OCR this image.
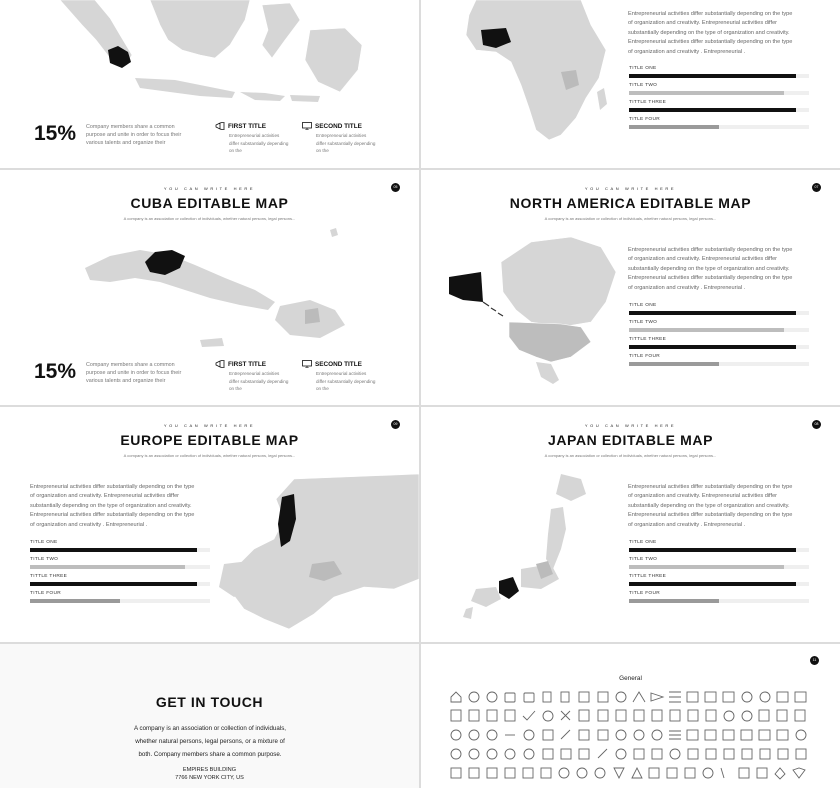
15% Company members share a common
purpose and unite in order to focus their
various talents and organize their
FIRST TITLE
Entrepreneurial activities
differ substantially depending
on the
SECOND TITLE
Entrepreneurial activities
differ substantially depending
on the
Entrepreneurial activities differ substantially depending on the type
of organization and creativity. Entrepreneurial activities differ
substantially depending on the type of organization and creativity.
Entrepreneurial activities differ substantially depending on the type
of organization and creativity . Entrepreneurial .
TITLE ONE
TITLE TWO
TITTLE THREE
TITLE FOUR
YOU CAN WRITE HERE
CUBA EDITABLE MAP
A company is an association or collection of individuals, whether natural persons, legal persons...
05
15% Company members share a common
purpose and unite in order to focus their
various talents and organize their
FIRST TITLE
Entrepreneurial activities
differ substantially depending
on the
SECOND TITLE
Entrepreneurial activities
differ substantially depending
on the
YOU CAN WRITE HERE
NORTH AMERICA EDITABLE MAP
A company is an association or collection of individuals, whether natural persons, legal persons...
07
Entrepreneurial activities differ substantially depending on the type
of organization and creativity. Entrepreneurial activities differ
substantially depending on the type of organization and creativity.
Entrepreneurial activities differ substantially depending on the type
of organization and creativity . Entrepreneurial .
TITLE ONE
TITLE TWO
TITTLE THREE
TITLE FOUR
YOU CAN WRITE HERE
EUROPE EDITABLE MAP
A company is an association or collection of individuals, whether natural persons, legal persons...
09
Entrepreneurial activities differ substantially depending on the type
of organization and creativity. Entrepreneurial activities differ
substantially depending on the type of organization and creativity.
Entrepreneurial activities differ substantially depending on the type
of organization and creativity . Entrepreneurial .
TITLE ONE
TITLE TWO
TITTLE THREE
TITLE FOUR
YOU CAN WRITE HERE
JAPAN EDITABLE MAP
A company is an association or collection of individuals, whether natural persons, legal persons...
08
Entrepreneurial activities differ substantially depending on the type
of organization and creativity. Entrepreneurial activities differ
substantially depending on the type of organization and creativity.
Entrepreneurial activities differ substantially depending on the type
of organization and creativity . Entrepreneurial .
TITLE ONE
TITLE TWO
TITTLE THREE
TITLE FOUR
GET IN TOUCH
A company is an association or collection of individuals,
whether natural persons, legal persons, or a mixture of
both. Company members share a common purpose.
EMPIRES BUILDING
7766 NEW YORK CITY, US
General
11
